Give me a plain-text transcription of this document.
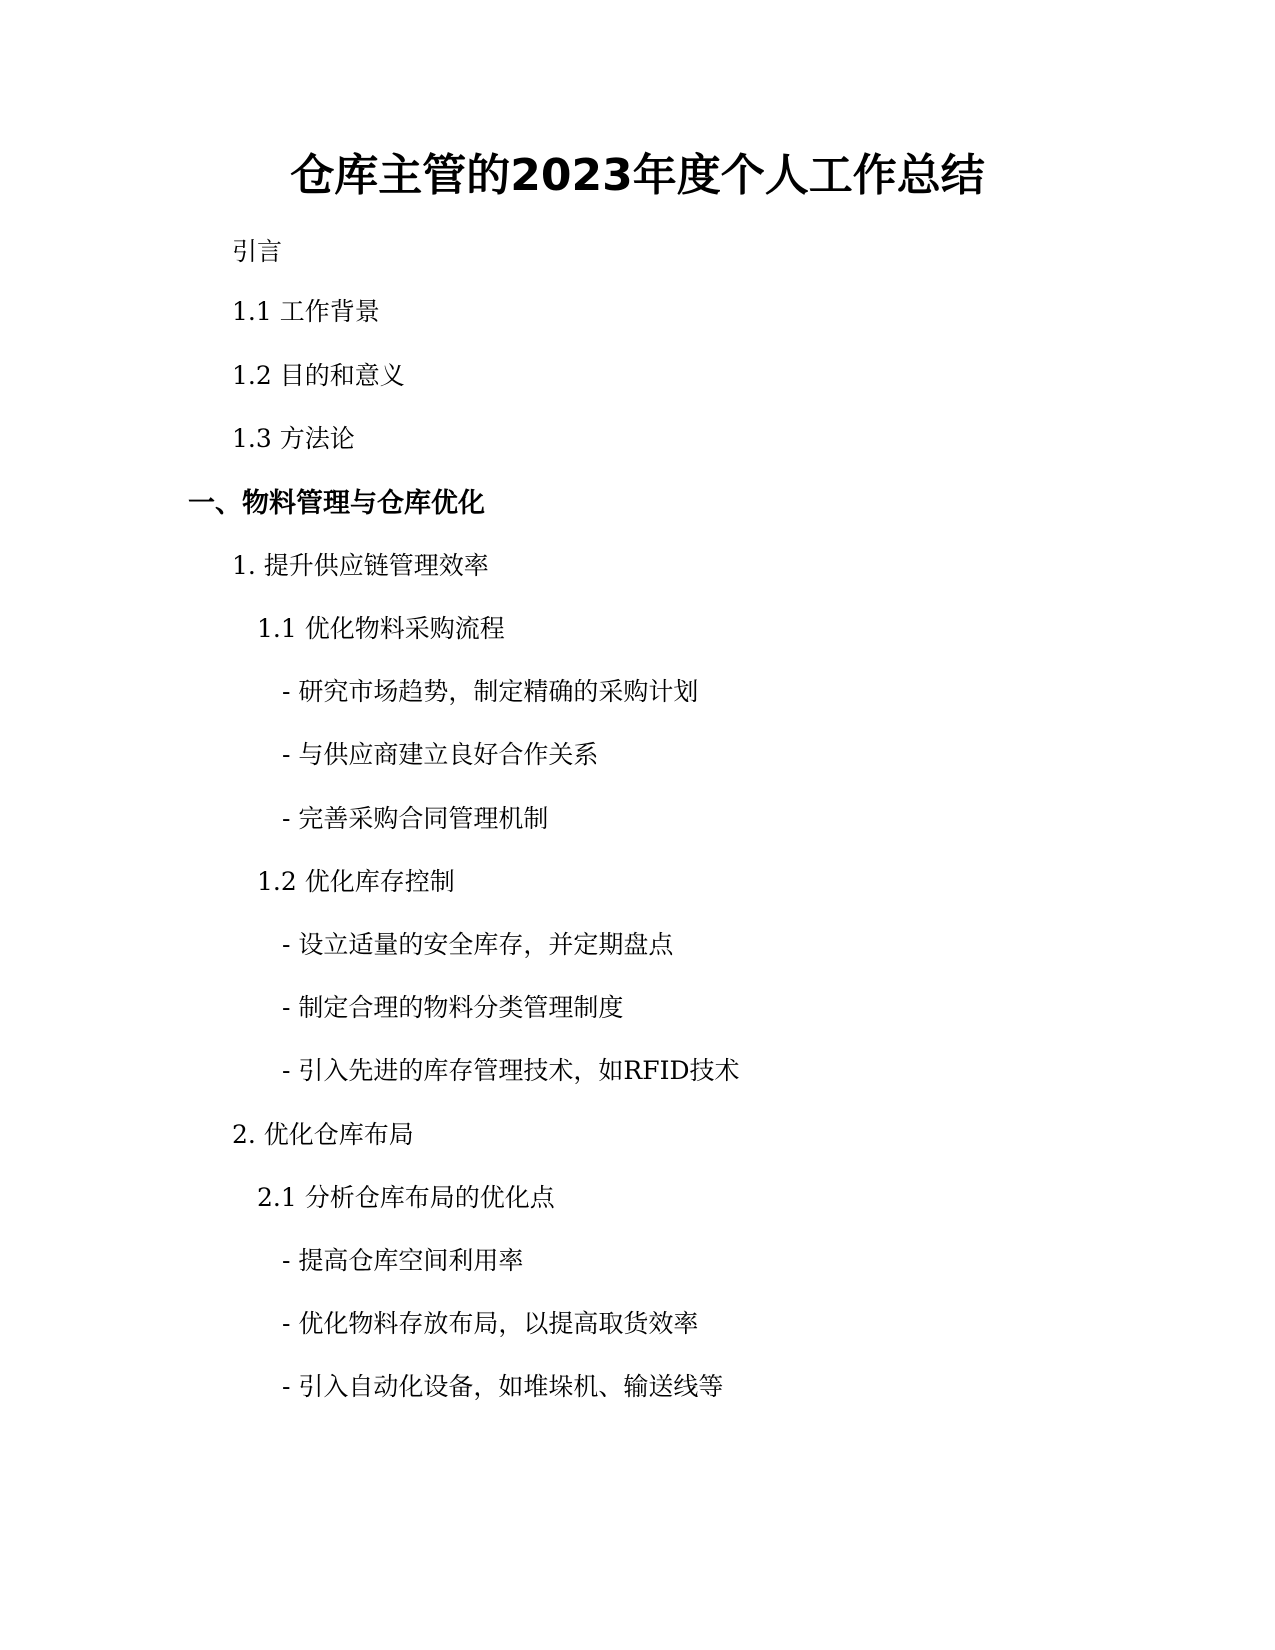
仓库主管的2023年度个人工作总结

引言

1.1 工作背景

1.2 目的和意义

1.3 方法论

一、物料管理与仓库优化

1. 提升供应链管理效率

1.1 优化物料采购流程

- 研究市场趋势，制定精确的采购计划

- 与供应商建立良好合作关系

- 完善采购合同管理机制

1.2 优化库存控制

- 设立适量的安全库存，并定期盘点

- 制定合理的物料分类管理制度

- 引入先进的库存管理技术，如RFID技术

2. 优化仓库布局

2.1 分析仓库布局的优化点

- 提高仓库空间利用率

- 优化物料存放布局，以提高取货效率

- 引入自动化设备，如堆垛机、输送线等
